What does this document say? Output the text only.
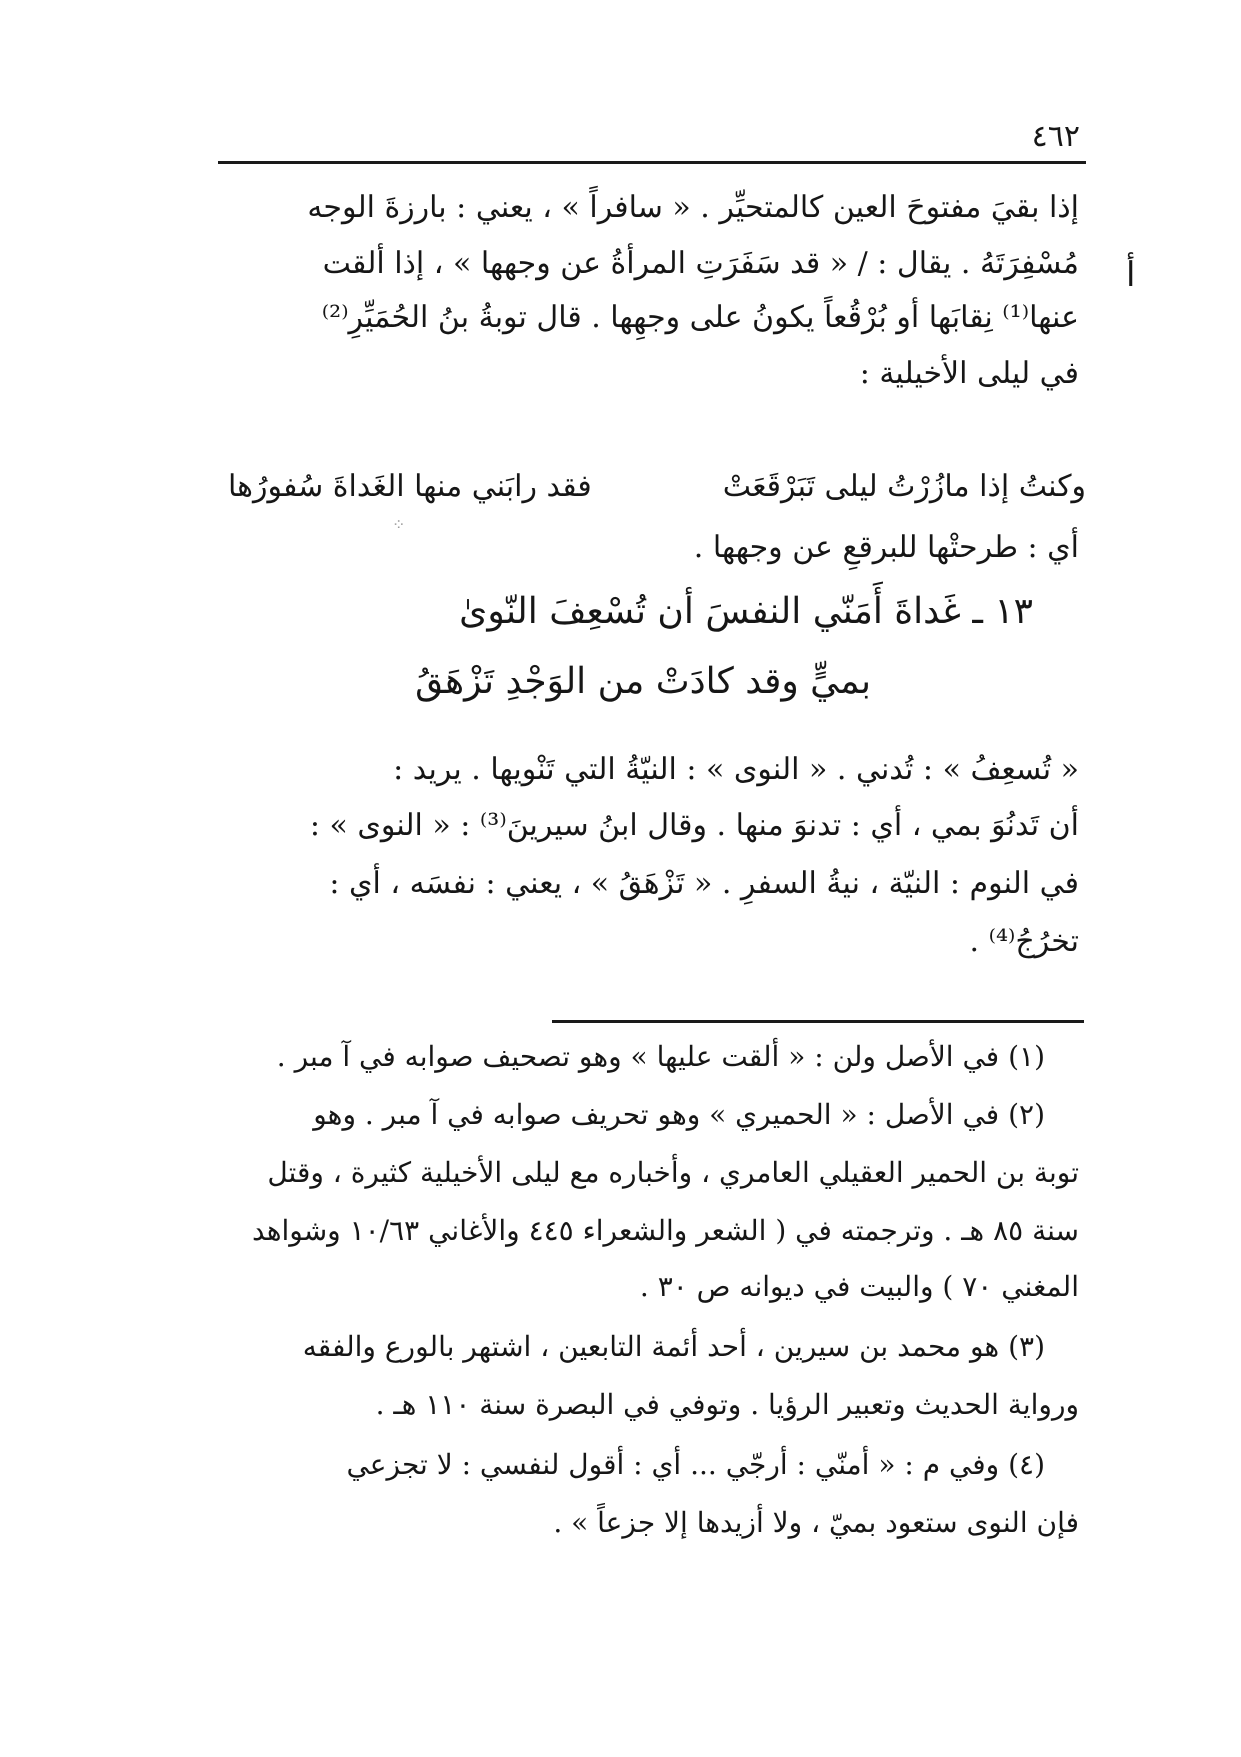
٤٦٢
أ
إذا بقيَ مفتوحَ العين كالمتحيِّر . « سافراً » ، يعني : بارزةَ الوجه
مُسْفِرَتَهُ . يقال : / « قد سَفَرَتِ المرأةُ عن وجهها » ، إذا ألقت
عنها⁽¹⁾ نِقابَها أو بُرْقُعاً يكونُ على وجهِها . قال توبةُ بنُ الحُمَيِّرِ⁽²⁾
في ليلى الأخيلية :
وكنتُ إذا مازُرْتُ ليلى تَبَرْقَعَتْ
فقد رابَني منها الغَداةَ سُفورُها
⁘
أي : طرحتْها للبرقعِ عن وجهها .
١٣ ـ غَداةَ أَمَنّي النفسَ أن تُسْعِفَ النّوىٰ
بميٍّ وقد كادَتْ من الوَجْدِ تَزْهَقُ
« تُسعِفُ » : تُدني . « النوى » : النيّةُ التي تَنْويها . يريد :
أن تَدنُوَ بمي ، أي : تدنوَ منها . وقال ابنُ سيرينَ⁽³⁾ : « النوى » :
في النوم : النيّة ، نيةُ السفرِ . « تَزْهَقُ » ، يعني : نفسَه ، أي :
تخرُجُ⁽⁴⁾ .
(١) في الأصل ولن : « ألقت عليها » وهو تصحيف صوابه في آ مبر .
(٢) في الأصل : « الحميري » وهو تحريف صوابه في آ مبر . وهو
توبة بن الحمير العقيلي العامري ، وأخباره مع ليلى الأخيلية كثيرة ، وقتل
سنة ٨٥ هـ . وترجمته في ( الشعر والشعراء ٤٤٥ والأغاني ١٠/٦٣ وشواهد
المغني ٧٠ ) والبيت في ديوانه ص ٣٠ .
(٣) هو محمد بن سيرين ، أحد أئمة التابعين ، اشتهر بالورع والفقه
ورواية الحديث وتعبير الرؤيا . وتوفي في البصرة سنة ١١٠ هـ .
(٤) وفي م : « أمنّي : أرجّي ... أي : أقول لنفسي : لا تجزعي
فإن النوى ستعود بميّ ، ولا أزيدها إلا جزعاً » .
